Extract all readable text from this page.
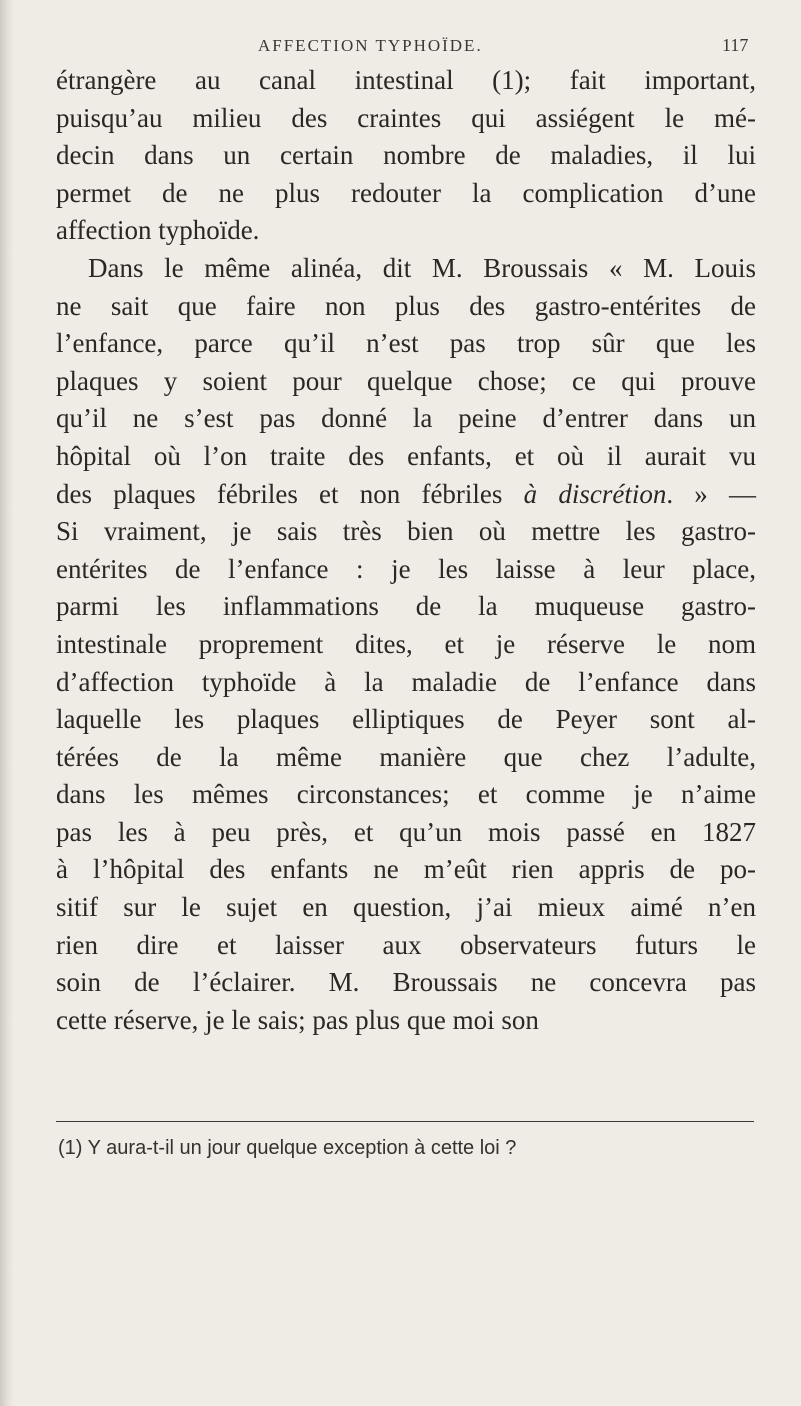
AFFECTION TYPHOÏDE.	117
étrangère au canal intestinal (1); fait important,
puisqu’au milieu des craintes qui assiégent le mé-
decin dans un certain nombre de maladies, il lui
permet de ne plus redouter la complication d’une
affection typhoïde.
Dans le même alinéa, dit M. Broussais « M. Louis
ne sait que faire non plus des gastro-entérites de
l’enfance, parce qu’il n’est pas trop sûr que les
plaques y soient pour quelque chose; ce qui prouve
qu’il ne s’est pas donné la peine d’entrer dans un
hôpital où l’on traite des enfants, et où il aurait vu
des plaques fébriles et non fébriles à discrétion. » —
Si vraiment, je sais très bien où mettre les gastro-
entérites de l’enfance : je les laisse à leur place,
parmi les inflammations de la muqueuse gastro-
intestinale proprement dites, et je réserve le nom
d’affection typhoïde à la maladie de l’enfance dans
laquelle les plaques elliptiques de Peyer sont al-
térées de la même manière que chez l’adulte,
dans les mêmes circonstances; et comme je n’aime
pas les à peu près, et qu’un mois passé en 1827
à l’hôpital des enfants ne m’eût rien appris de po-
sitif sur le sujet en question, j’ai mieux aimé n’en
rien dire et laisser aux observateurs futurs le
soin de l’éclairer. M. Broussais ne concevra pas
cette réserve, je le sais; pas plus que moi son
(1) Y aura-t-il un jour quelque exception à cette loi ?
